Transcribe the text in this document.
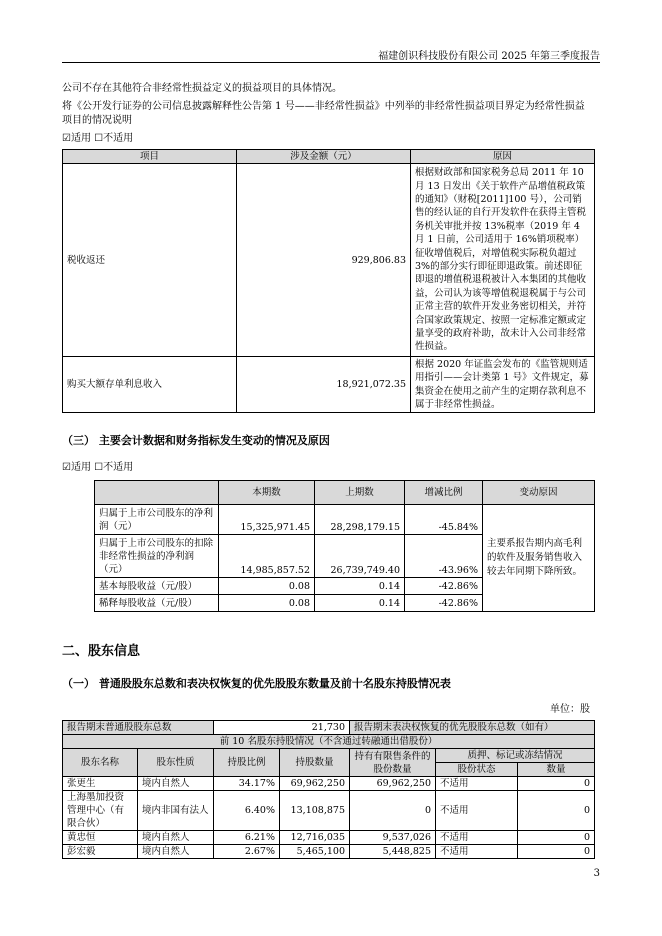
福建创识科技股份有限公司 2025 年第三季度报告
公司不存在其他符合非经常性损益定义的损益项目的具体情况。
将《公开发行证券的公司信息披露解释性公告第 1 号——非经常性损益》中列举的非经常性损益项目界定为经常性损益
项目的情况说明
☑适用 ☐不适用
项目	涉及金额（元）	原因
税收返还	929,806.83	根据财政部和国家税务总局 2011 年 10 月 13 日发出《关于软件产品增值税政策的通知》（财税[2011]100 号），公司销售的经认证的自行开发软件在获得主管税务机关审批并按 13%税率（2019 年 4 月 1 日前，公司适用于 16%销项税率）征收增值税后，对增值税实际税负超过 3%的部分实行即征即退政策。前述即征即退的增值税退税被计入本集团的其他收益，公司认为该等增值税退税属于与公司正常主营的软件开发业务密切相关，并符合国家政策规定、按照一定标准定额或定量享受的政府补助，故未计入公司非经常性损益。
购买大额存单利息收入	18,921,072.35	根据 2020 年证监会发布的《监管规则适用指引——会计类第 1 号》文件规定，募集资金在使用之前产生的定期存款利息不属于非经常性损益。
（三） 主要会计数据和财务指标发生变动的情况及原因
☑适用 ☐不适用
	本期数	上期数	增减比例	变动原因
归属于上市公司股东的净利润（元）	15,325,971.45	28,298,179.15	-45.84%	主要系报告期内高毛利的软件及服务销售收入较去年同期下降所致。
归属于上市公司股东的扣除非经常性损益的净利润（元）	14,985,857.52	26,739,749.40	-43.96%	
基本每股收益（元/股）	0.08	0.14	-42.86%	
稀释每股收益（元/股）	0.08	0.14	-42.86%	
二、股东信息
（一） 普通股股东总数和表决权恢复的优先股股东数量及前十名股东持股情况表
单位：股
报告期末普通股股东总数	21,730	报告期末表决权恢复的优先股股东总数（如有）	
前 10 名股东持股情况（不含通过转融通出借股份）						
股东名称	股东性质	持股比例	持股数量	持有有限售条件的股份数量	质押、标记或冻结情况	
					股份状态	数量
张更生	境内自然人	34.17%	69,962,250	69,962,250	不适用	0
上海墨加投资管理中心（有限合伙）	境内非国有法人	6.40%	13,108,875	0	不适用	0
黄忠恒	境内自然人	6.21%	12,716,035	9,537,026	不适用	0
彭宏毅	境内自然人	2.67%	5,465,100	5,448,825	不适用	0
3
